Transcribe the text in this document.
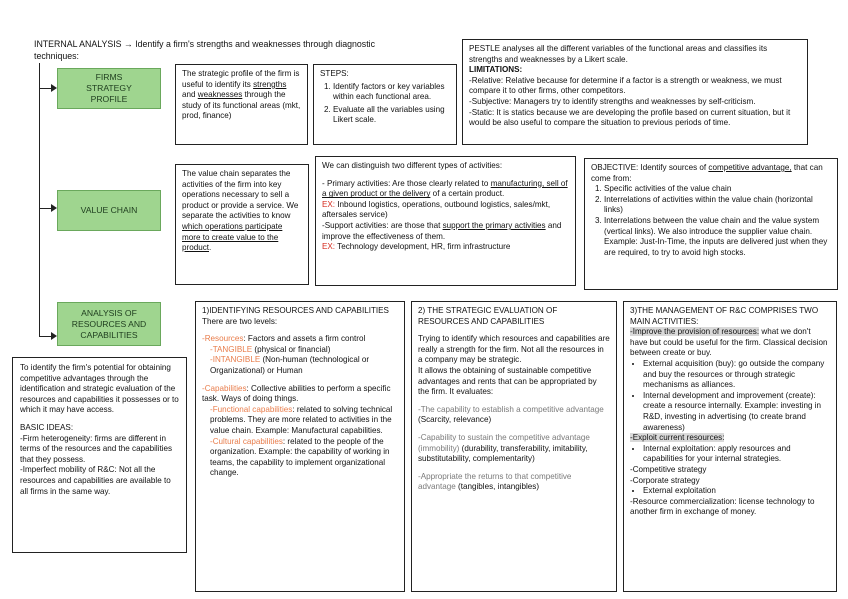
INTERNAL ANALYSIS → Identify a firm's strengths and weaknesses through diagnostic
techniques:
FIRMS STRATEGY PROFILE
VALUE CHAIN
ANALYSIS OF RESOURCES AND CAPABILITIES

The strategic profile of the firm is useful to identify its strengths and weaknesses through the study of its functional areas (mkt, prod, finance)

STEPS:

1. Identify factors or key variables within each functional area.
2. Evaluate all the variables using Likert scale.

PESTLE analyses all the different variables of the functional areas and classifies its strengths and weaknesses by a Likert scale.

LIMITATIONS:

-Relative: Relative because for determine if a factor is a strength or weakness, we must compare it to other firms, other competitors.

-Subjective: Managers try to identify strengths and weaknesses by self-criticism.

-Static: It is statics because we are developing the profile based on current situation, but it would be also useful to compare the situation to previous periods of time.

The value chain separates the activities of the firm into key operations necessary to sell a product or provide a service. We separate the activities to know which operations participate more to create value to the product.

We can distinguish two different types of activities:

- Primary activities: Are those clearly related to manufacturing, sell of a given product or the delivery of a certain product.

EX: Inbound logistics, operations, outbound logistics, sales/mkt, aftersales service)

-Support activities: are those that support the primary activities and improve the effectiveness of them.

EX: Technology development, HR, firm infrastructure

OBJECTIVE: Identify sources of competitive advantage, that can come from:

1. Specific activities of the value chain
2. Interrelations of activities within the value chain (horizontal links)
3. Interrelations between the value chain and the value system (vertical links). We also introduce the supplier value chain. Example: Just-In-Time, the inputs are delivered just when they are required, to try to avoid high stocks.

To identify the firm's potential for obtaining competitive advantages through the identification and strategic evaluation of the resources and capabilities it possesses or to which it may have access.

BASIC IDEAS:

-Firm heterogeneity: firms are different in terms of the resources and the capabilities that they possess.

-Imperfect mobility of R&C: Not all the resources and capabilities are available to all firms in the same way.

1)IDENTIFYING RESOURCES AND CAPABILITIES

There are two levels:

-Resources: Factors and assets a firm control

-TANGIBLE (physical or financial)

-INTANGIBLE (Non-human (technological or Organizational) or Human

-Capabilities: Collective abilities to perform a specific task. Ways of doing things.

-Functional capabilities: related to solving technical problems. They are more related to activities in the value chain. Example: Manufactural capabilities.

-Cultural capabilities: related to the people of the organization. Example: the capability of working in teams, the capability to implement organizational change.

2) THE STRATEGIC EVALUATION OF RESOURCES AND CAPABILITIES

Trying to identify which resources and capabilities are really a strength for the firm. Not all the resources in a company may be strategic.

It allows the obtaining of sustainable competitive advantages and rents that can be appropriated by the firm. It evaluates:

-The capability to establish a competitive advantage (Scarcity, relevance)

-Capability to sustain the competitive advantage (immobility) (durability, transferability, imitability, substitutability, complementarity)

-Appropriate the returns to that competitive advantage (tangibles, intangibles)

3)THE MANAGEMENT OF R&C COMPRISES TWO MAIN ACTIVITIES:

-Improve the provision of resources: what we don't have but could be useful for the firm. Classical decision between create or buy.

• External acquisition (buy): go outside the company and buy the resources or through strategic mechanisms as alliances.
• Internal development and improvement (create): create a resource internally. Example: investing in R&D, investing in advertising (to create brand awareness)

-Exploit current resources:

• Internal exploitation: apply resources and capabilities for your internal strategies.

-Competitive strategy

-Corporate strategy

• External exploitation

-Resource commercialization: license technology to another firm in exchange of money.
